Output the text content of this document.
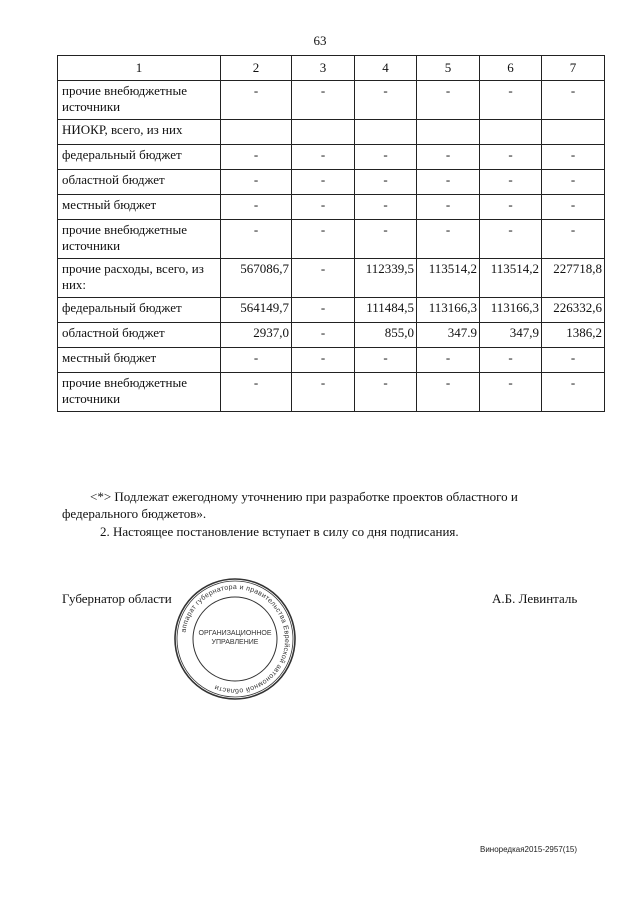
63
1	2	3	4	5	6	7
прочие внебюджетные источники	-	-	-	-	-	-
НИОКР, всего, из них						
федеральный бюджет	-	-	-	-	-	-
областной бюджет	-	-	-	-	-	-
местный бюджет	-	-	-	-	-	-
прочие внебюджетные источники	-	-	-	-	-	-
прочие расходы, всего, из них:	567086,7	-	112339,5	113514,2	113514,2	227718,8
федеральный бюджет	564149,7	-	111484,5	113166,3	113166,3	226332,6
областной бюджет	2937,0	-	855,0	347.9	347,9	1386,2
местный бюджет	-	-	-	-	-	-
прочие внебюджетные источники	-	-	-	-	-	-
<*> Подлежат ежегодному уточнению при разработке проектов областного и федерального бюджетов».
2. Настоящее постановление вступает в силу со дня подписания.
Губернатор области	А.Б. Левинталь
аппарат губернатора и правительства Еврейской автономной области
ОРГАНИЗАЦИОННОЕ
УПРАВЛЕНИЕ
Виноредкая2015-2957(15)
